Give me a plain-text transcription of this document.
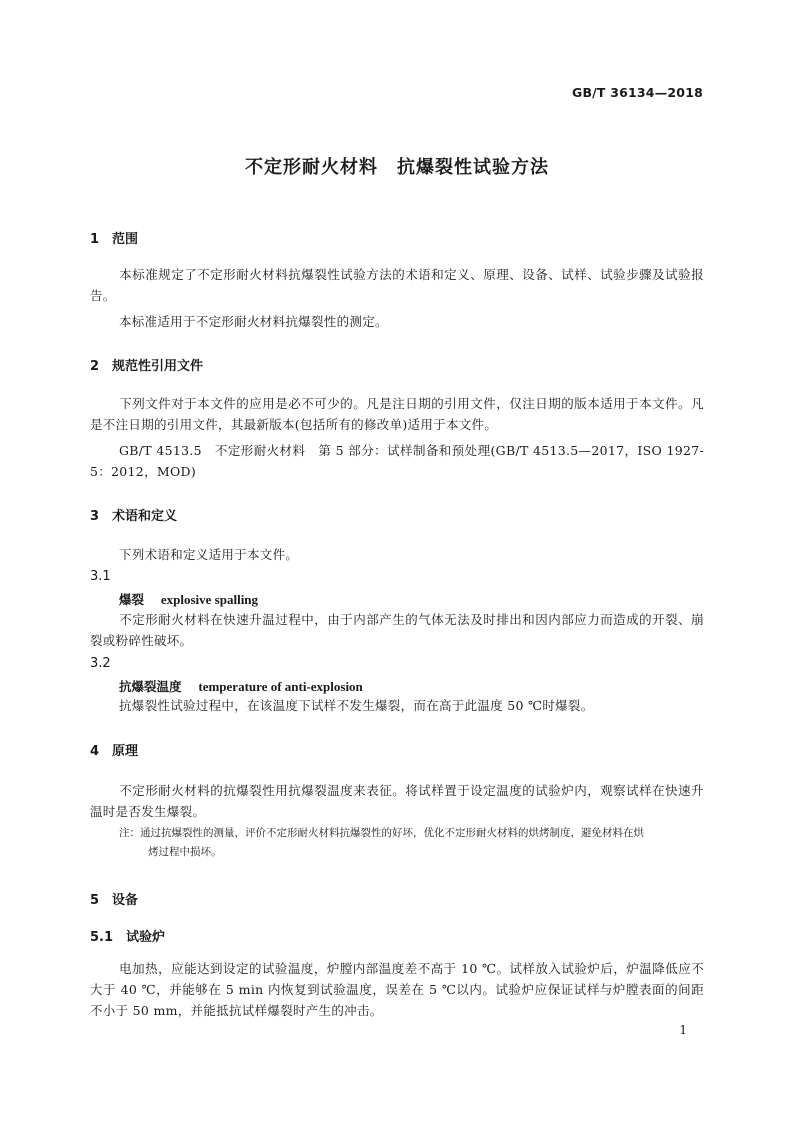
GB/T 36134—2018
不定形耐火材料　抗爆裂性试验方法
1　范围
本标准规定了不定形耐火材料抗爆裂性试验方法的术语和定义、原理、设备、试样、试验步骤及试验报告。
本标准适用于不定形耐火材料抗爆裂性的测定。
2　规范性引用文件
下列文件对于本文件的应用是必不可少的。凡是注日期的引用文件，仅注日期的版本适用于本文件。凡是不注日期的引用文件，其最新版本(包括所有的修改单)适用于本文件。
GB/T 4513.5　不定形耐火材料　第 5 部分：试样制备和预处理(GB/T 4513.5—2017，ISO 1927-5：2012，MOD)
3　术语和定义
下列术语和定义适用于本文件。
3.1
爆裂　 explosive spalling
不定形耐火材料在快速升温过程中，由于内部产生的气体无法及时排出和因内部应力而造成的开裂、崩裂或粉碎性破坏。
3.2
抗爆裂温度　 temperature of anti-explosion
抗爆裂性试验过程中，在该温度下试样不发生爆裂，而在高于此温度 50 ℃时爆裂。
4　原理
不定形耐火材料的抗爆裂性用抗爆裂温度来表征。将试样置于设定温度的试验炉内，观察试样在快速升温时是否发生爆裂。
注：通过抗爆裂性的测量，评价不定形耐火材料抗爆裂性的好坏，优化不定形耐火材料的烘烤制度，避免材料在烘
烤过程中损坏。
5　设备
5.1　试验炉
电加热，应能达到设定的试验温度，炉膛内部温度差不高于 10 ℃。试样放入试验炉后，炉温降低应不大于 40 ℃，并能够在 5 min 内恢复到试验温度，误差在 5 ℃以内。试验炉应保证试样与炉膛表面的间距不小于 50 mm，并能抵抗试样爆裂时产生的冲击。
1
